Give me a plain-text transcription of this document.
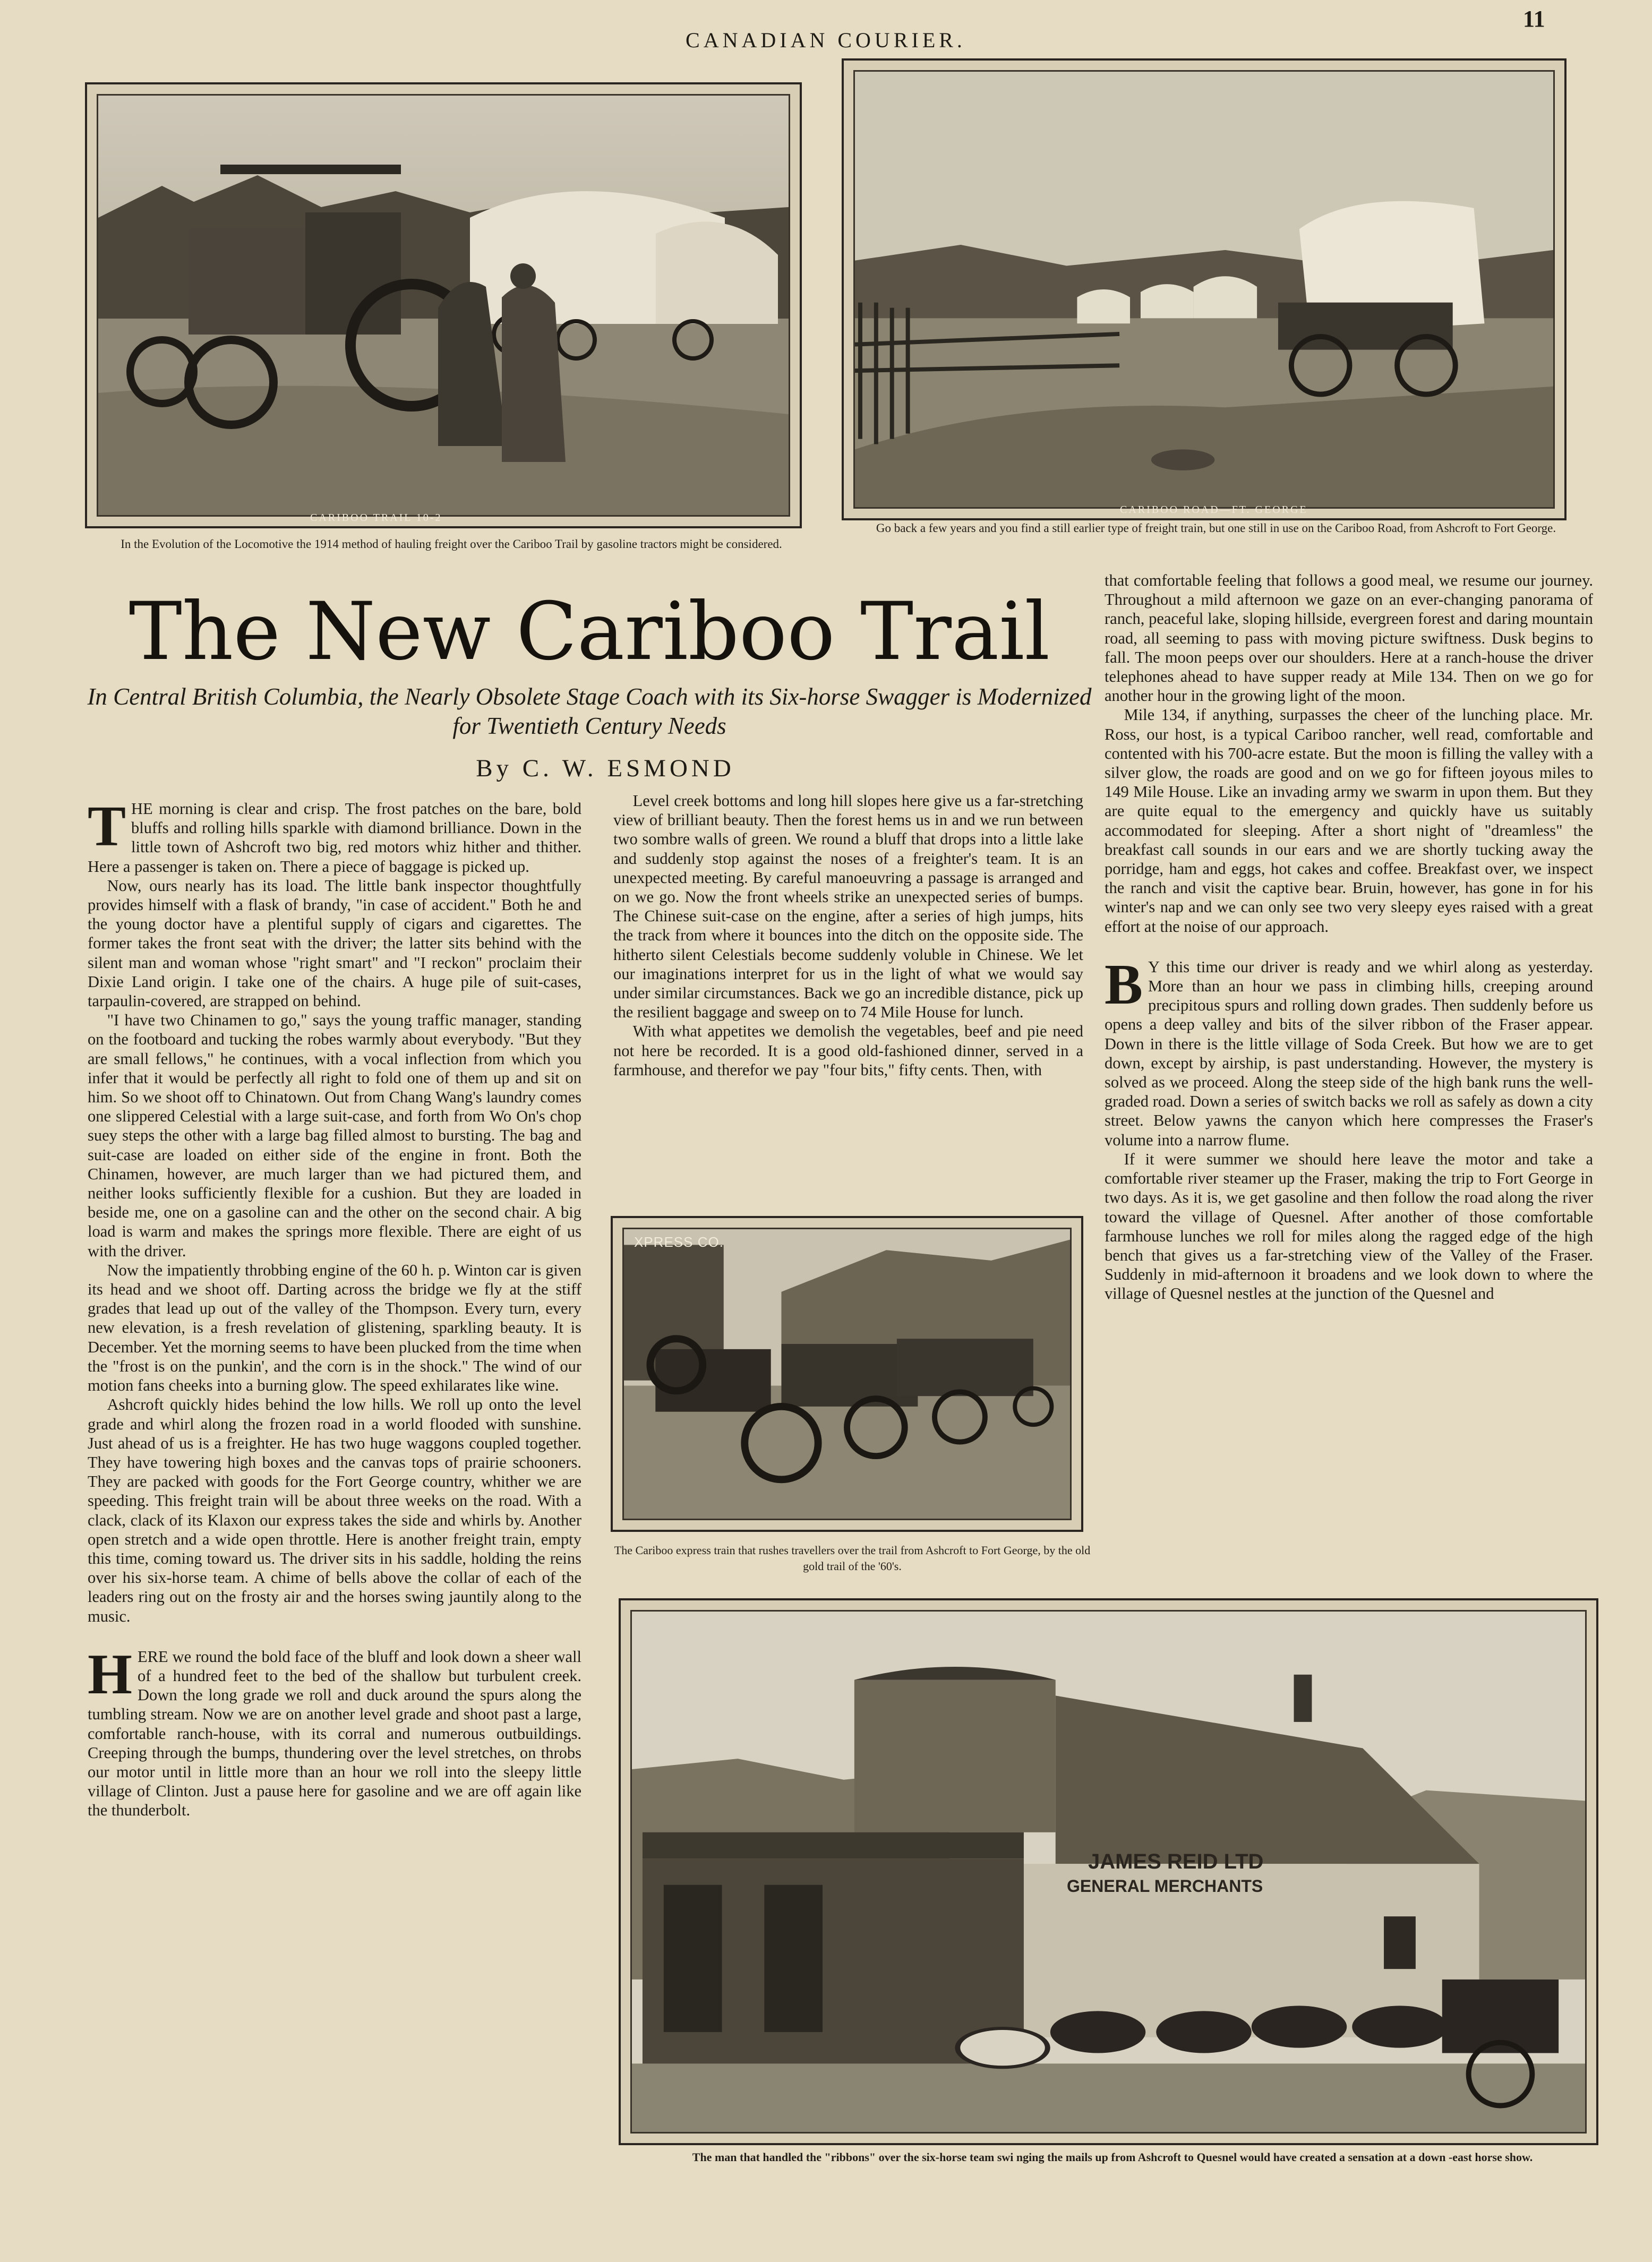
CANADIAN COURIER.
11
CARIBOO TRAIL 10-2
In the Evolution of the Locomotive the 1914 method of hauling freight over the Cariboo Trail by gasoline tractors might be considered.
CARIBOO ROAD—FT. GEORGE
Go back a few years and you find a still earlier type of freight train, but one still in use on the Cariboo Road, from Ashcroft to Fort George.
The New Cariboo Trail
In Central British Columbia, the Nearly Obsolete Stage Coach with its Six-horse Swagger is Modernized for Twentieth Century Needs
By C. W. ESMOND

THE morning is clear and crisp. The frost patches on the bare, bold bluffs and rolling hills sparkle with diamond brilliance. Down in the little town of Ashcroft two big, red motors whiz hither and thither. Here a passenger is taken on. There a piece of baggage is picked up.

Now, ours nearly has its load. The little bank inspector thoughtfully provides himself with a flask of brandy, "in case of accident." Both he and the young doctor have a plentiful supply of cigars and cigarettes. The former takes the front seat with the driver; the latter sits behind with the silent man and woman whose "right smart" and "I reckon" proclaim their Dixie Land origin. I take one of the chairs. A huge pile of suit-cases, tarpaulin-covered, are strapped on behind.

"I have two Chinamen to go," says the young traffic manager, standing on the footboard and tucking the robes warmly about everybody. "But they are small fellows," he continues, with a vocal inflection from which you infer that it would be perfectly all right to fold one of them up and sit on him. So we shoot off to Chinatown. Out from Chang Wang's laundry comes one slippered Celestial with a large suit-case, and forth from Wo On's chop suey steps the other with a large bag filled almost to bursting. The bag and suit-case are loaded on either side of the engine in front. Both the Chinamen, however, are much larger than we had pictured them, and neither looks sufficiently flexible for a cushion. But they are loaded in beside me, one on a gasoline can and the other on the second chair. A big load is warm and makes the springs more flexible. There are eight of us with the driver.

Now the impatiently throbbing engine of the 60 h. p. Winton car is given its head and we shoot off. Darting across the bridge we fly at the stiff grades that lead up out of the valley of the Thompson. Every turn, every new elevation, is a fresh revelation of glistening, sparkling beauty. It is December. Yet the morning seems to have been plucked from the time when the "frost is on the punkin', and the corn is in the shock." The wind of our motion fans cheeks into a burning glow. The speed exhilarates like wine.

Ashcroft quickly hides behind the low hills. We roll up onto the level grade and whirl along the frozen road in a world flooded with sunshine. Just ahead of us is a freighter. He has two huge waggons coupled together. They have towering high boxes and the canvas tops of prairie schooners. They are packed with goods for the Fort George country, whither we are speeding. This freight train will be about three weeks on the road. With a clack, clack of its Klaxon our express takes the side and whirls by. Another open stretch and a wide open throttle. Here is another freight train, empty this time, coming toward us. The driver sits in his saddle, holding the reins over his six-horse team. A chime of bells above the collar of each of the leaders ring out on the frosty air and the horses swing jauntily along to the music.

HERE we round the bold face of the bluff and look down a sheer wall of a hundred feet to the bed of the shallow but turbulent creek. Down the long grade we roll and duck around the spurs along the tumbling stream. Now we are on another level grade and shoot past a large, comfortable ranch-house, with its corral and numerous outbuildings. Creeping through the bumps, thundering over the level stretches, on throbs our motor until in little more than an hour we roll into the sleepy little village of Clinton. Just a pause here for gasoline and we are off again like the thunderbolt.

Level creek bottoms and long hill slopes here give us a far-stretching view of brilliant beauty. Then the forest hems us in and we run between two sombre walls of green. We round a bluff that drops into a little lake and suddenly stop against the noses of a freighter's team. It is an unexpected meeting. By careful manoeuvring a passage is arranged and on we go. Now the front wheels strike an unexpected series of bumps. The Chinese suit-case on the engine, after a series of high jumps, hits the track from where it bounces into the ditch on the opposite side. The hitherto silent Celestials become suddenly voluble in Chinese. We let our imaginations interpret for us in the light of what we would say under similar circumstances. Back we go an incredible distance, pick up the resilient baggage and sweep on to 74 Mile House for lunch.

With what appetites we demolish the vegetables, beef and pie need not here be recorded. It is a good old-fashioned dinner, served in a farmhouse, and therefor we pay "four bits," fifty cents. Then, with

XPRESS CO.
The Cariboo express train that rushes travellers over the trail from Ashcroft to Fort George, by the old gold trail of the '60's.

that comfortable feeling that follows a good meal, we resume our journey. Throughout a mild afternoon we gaze on an ever-changing panorama of ranch, peaceful lake, sloping hillside, evergreen forest and daring mountain road, all seeming to pass with moving picture swiftness. Dusk begins to fall. The moon peeps over our shoulders. Here at a ranch-house the driver telephones ahead to have supper ready at Mile 134. Then on we go for another hour in the growing light of the moon.

Mile 134, if anything, surpasses the cheer of the lunching place. Mr. Ross, our host, is a typical Cariboo rancher, well read, comfortable and contented with his 700-acre estate. But the moon is filling the valley with a silver glow, the roads are good and on we go for fifteen joyous miles to 149 Mile House. Like an invading army we swarm in upon them. But they are quite equal to the emergency and quickly have us suitably accommodated for sleeping. After a short night of "dreamless" the breakfast call sounds in our ears and we are shortly tucking away the porridge, ham and eggs, hot cakes and coffee. Breakfast over, we inspect the ranch and visit the captive bear. Bruin, however, has gone in for his winter's nap and we can only see two very sleepy eyes raised with a great effort at the noise of our approach.

B Y this time our driver is ready and we whirl along as yesterday. More than an hour we pass in climbing hills, creeping around precipitous spurs and rolling down grades. Then suddenly before us opens a deep valley and bits of the silver ribbon of the Fraser appear. Down in there is the little village of Soda Creek. But how we are to get down, except by airship, is past understanding. However, the mystery is solved as we proceed. Along the steep side of the high bank runs the well-graded road. Down a series of switch backs we roll as safely as down a city street. Below yawns the canyon which here compresses the Fraser's volume into a narrow flume.

If it were summer we should here leave the motor and take a comfortable river steamer up the Fraser, making the trip to Fort George in two days. As it is, we get gasoline and then follow the road along the river toward the village of Quesnel. After another of those comfortable farmhouse lunches we roll for miles along the ragged edge of the high bench that gives us a far-stretching view of the Valley of the Fraser. Suddenly in mid-afternoon it broadens and we look down to where the village of Quesnel nestles at the junction of the Quesnel and

JAMES REID LTD
GENERAL MERCHANTS
The man that handled the "ribbons" over the six-horse team swi nging the mails up from Ashcroft to Quesnel would have created a sensation at a down -east horse show.
